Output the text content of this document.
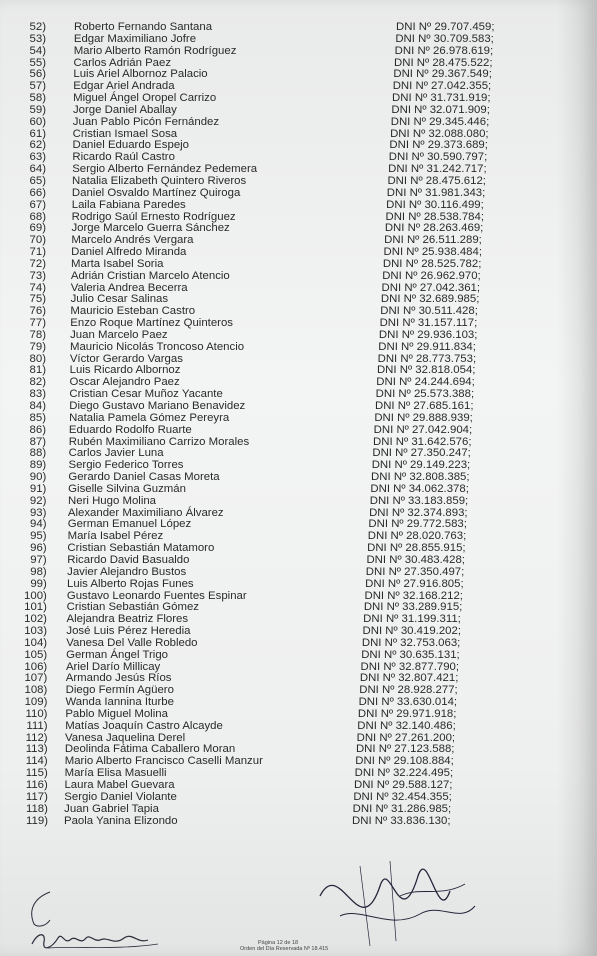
52) Roberto Fernando Santana	DNI Nº 29.707.459;
53) Edgar Maximiliano Jofre	DNI Nº 30.709.583;
54) Mario Alberto Ramón Rodríguez	DNI Nº 26.978.619;
55) Carlos Adrián Paez	DNI Nº 28.475.522;
56) Luis Ariel Albornoz Palacio	DNI Nº 29.367.549;
57) Edgar Ariel Andrada	DNI Nº 27.042.355;
58) Miguel Ángel Oropel Carrizo	DNI Nº 31.731.919;
59) Jorge Daniel Aballay	DNI Nº 32.071.909;
60) Juan Pablo Picón Fernández	DNI Nº 29.345.446;
61) Cristian Ismael Sosa	DNI Nº 32.088.080;
62) Daniel Eduardo Espejo	DNI Nº 29.373.689;
63) Ricardo Raúl Castro	DNI Nº 30.590.797;
64) Sergio Alberto Fernández Pedemera	DNI Nº 31.242.717;
65) Natalia Elizabeth Quintero Riveros	DNI Nº 28.475.612;
66) Daniel Osvaldo Martínez Quiroga	DNI Nº 31.981.343;
67) Laila Fabiana Paredes	DNI Nº 30.116.499;
68) Rodrigo Saúl Ernesto Rodríguez	DNI Nº 28.538.784;
69) Jorge Marcelo Guerra Sánchez	DNI Nº 28.263.469;
70) Marcelo Andrés Vergara	DNI Nº 26.511.289;
71) Daniel Alfredo Miranda	DNI Nº 25.938.484;
72) Marta Isabel Soria	DNI Nº 28.525.782;
73) Adrián Cristian Marcelo Atencio	DNI Nº 26.962.970;
74) Valeria Andrea Becerra	DNI Nº 27.042.361;
75) Julio Cesar Salinas	DNI Nº 32.689.985;
76) Mauricio Esteban Castro	DNI Nº 30.511.428;
77) Enzo Roque Martínez Quinteros	DNI Nº 31.157.117;
78) Juan Marcelo Paez	DNI Nº 29.936.103;
79) Mauricio Nicolás Troncoso Atencio	DNI Nº 29.911.834;
80) Víctor Gerardo Vargas	DNI Nº 28.773.753;
81) Luis Ricardo Albornoz	DNI Nº 32.818.054;
82) Oscar Alejandro Paez	DNI Nº 24.244.694;
83) Cristian Cesar Muñoz Yacante	DNI Nº 25.573.388;
84) Diego Gustavo Mariano Benavidez	DNI Nº 27.685.161;
85) Natalia Pamela Gómez Pereyra	DNI Nº 29.888.939;
86) Eduardo Rodolfo Ruarte	DNI Nº 27.042.904;
87) Rubén Maximiliano Carrizo Morales	DNI Nº 31.642.576;
88) Carlos Javier Luna	DNI Nº 27.350.247;
89) Sergio Federico Torres	DNI Nº 29.149.223;
90) Gerardo Daniel Casas Moreta	DNI Nº 32.808.385;
91) Giselle Silvina Guzmán	DNI Nº 34.062.378;
92) Neri Hugo Molina	DNI Nº 33.183.859;
93) Alexander Maximiliano Álvarez	DNI Nº 32.374.893;
94) German Emanuel López	DNI Nº 29.772.583;
95) María Isabel Pérez	DNI Nº 28.020.763;
96) Cristian Sebastián Matamoro	DNI Nº 28.855.915;
97) Ricardo David Basualdo	DNI Nº 30.483.428;
98) Javier Alejandro Bustos	DNI Nº 27.350.497;
99) Luis Alberto Rojas Funes	DNI Nº 27.916.805;
100) Gustavo Leonardo Fuentes Espinar	DNI Nº 32.168.212;
101) Cristian Sebastián Gómez	DNI Nº 33.289.915;
102) Alejandra Beatriz Flores	DNI Nº 31.199.311;
103) José Luis Pérez Heredia	DNI Nº 30.419.202;
104) Vanesa Del Valle Robledo	DNI Nº 32.753.063;
105) German Ángel Trigo	DNI Nº 30.635.131;
106) Ariel Darío Millicay	DNI Nº 32.877.790;
107) Armando Jesús Ríos	DNI Nº 32.807.421;
108) Diego Fermín Agüero	DNI Nº 28.928.277;
109) Wanda Iannina Iturbe	DNI Nº 33.630.014;
110) Pablo Miguel Molina	DNI Nº 29.971.918;
111) Matías Joaquín Castro Alcayde	DNI Nº 32.140.486;
112) Vanesa Jaquelina Derel	DNI Nº 27.261.200;
113) Deolinda Fátima Caballero Moran	DNI Nº 27.123.588;
114) Mario Alberto Francisco Caselli Manzur	DNI Nº 29.108.884;
115) María Elisa Masuelli	DNI Nº 32.224.495;
116) Laura Mabel Guevara	DNI Nº 29.588.127;
117) Sergio Daniel Violante	DNI Nº 32.454.355;
118) Juan Gabriel Tapia	DNI Nº 31.286.985;
119) Paola Yanina Elizondo	DNI Nº 33.836.130;
Página 12 de 18
Orden del Día Reservada Nº 18.415
